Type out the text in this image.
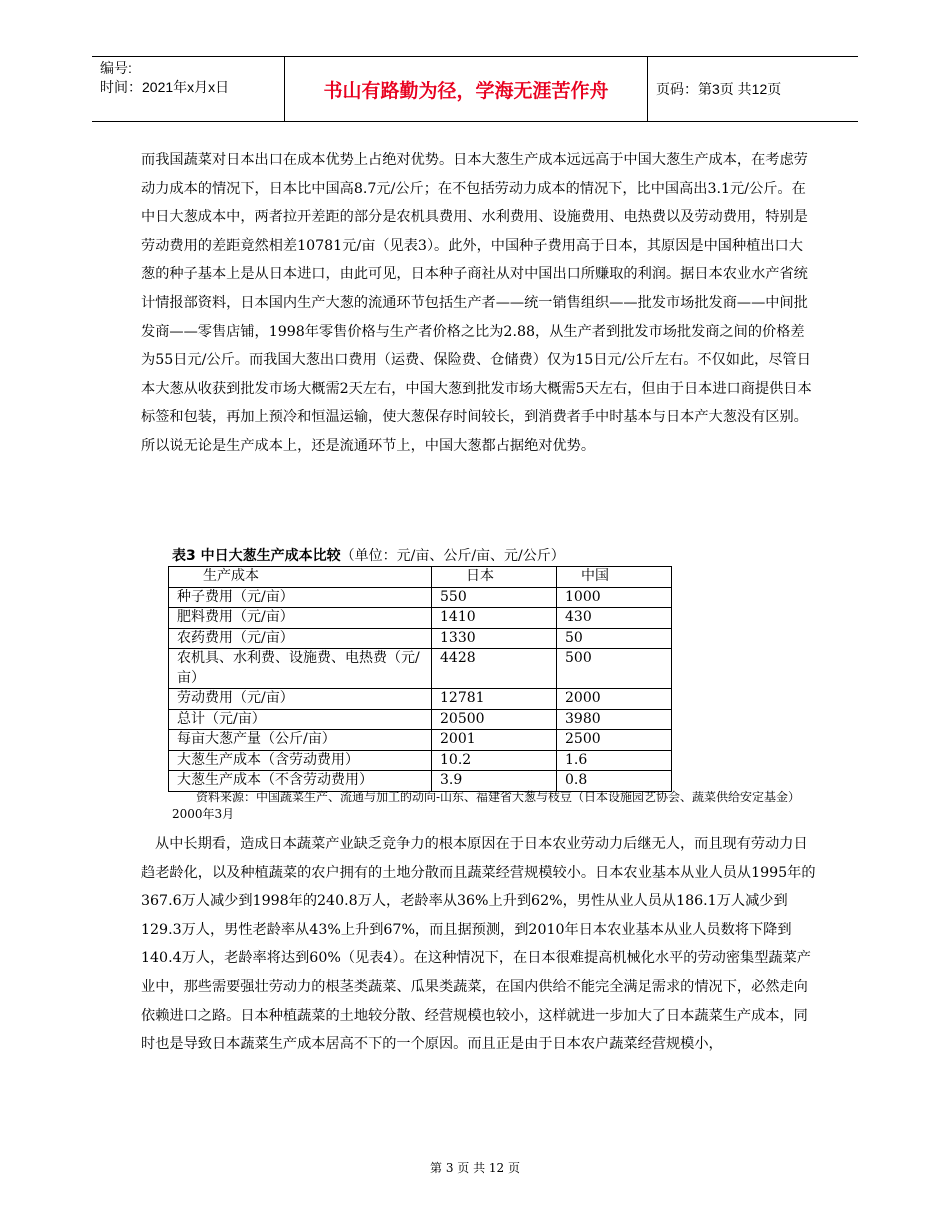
编号:
时间：2021年x月x日	书山有路勤为径，学海无涯苦作舟	页码：第3页 共12页

而我国蔬菜对日本出口在成本优势上占绝对优势。日本大葱生产成本远远高于中国大葱生产成本，在考虑劳动力成本的情况下，日本比中国高8.7元/公斤；在不包括劳动力成本的情况下，比中国高出3.1元/公斤。在中日大葱成本中，两者拉开差距的部分是农机具费用、水利费用、设施费用、电热费以及劳动费用，特别是劳动费用的差距竟然相差10781元/亩（见表3）。此外，中国种子费用高于日本，其原因是中国种植出口大葱的种子基本上是从日本进口，由此可见，日本种子商社从对中国出口所赚取的利润。据日本农业水产省统计情报部资料，日本国内生产大葱的流通环节包括生产者——统一销售组织——批发市场批发商——中间批发商——零售店铺，1998年零售价格与生产者价格之比为2.88，从生产者到批发市场批发商之间的价格差为55日元/公斤。而我国大葱出口费用（运费、保险费、仓储费）仅为15日元/公斤左右。不仅如此，尽管日本大葱从收获到批发市场大概需2天左右，中国大葱到批发市场大概需5天左右，但由于日本进口商提供日本标签和包装，再加上预冷和恒温运输，使大葱保存时间较长，到消费者手中时基本与日本产大葱没有区别。所以说无论是生产成本上，还是流通环节上，中国大葱都占据绝对优势。

表3 中日大葱生产成本比较（单位：元/亩、公斤/亩、元/公斤）
生产成本	日本	中国
种子费用（元/亩）	550	1000
肥料费用（元/亩）	1410	430
农药费用（元/亩）	1330	50
农机具、水利费、设施费、电热费（元/亩）	4428	500
劳动费用（元/亩）	12781	2000
总计（元/亩）	20500	3980
每亩大葱产量（公斤/亩）	2001	2500
大葱生产成本（含劳动费用）	10.2	1.6
大葱生产成本（不含劳动费用）	3.9	0.8
资料来源：中国蔬菜生产、流通与加工的动向-山东、福建省大葱与枝豆（日本设施园艺协会、蔬菜供给安定基金）2000年3月

从中长期看，造成日本蔬菜产业缺乏竞争力的根本原因在于日本农业劳动力后继无人，而且现有劳动力日趋老龄化，以及种植蔬菜的农户拥有的土地分散而且蔬菜经营规模较小。日本农业基本从业人员从1995年的367.6万人减少到1998年的240.8万人，老龄率从36%上升到62%，男性从业人员从186.1万人减少到129.3万人，男性老龄率从43%上升到67%，而且据预测，到2010年日本农业基本从业人员数将下降到140.4万人，老龄率将达到60%（见表4）。在这种情况下，在日本很难提高机械化水平的劳动密集型蔬菜产业中，那些需要强壮劳动力的根茎类蔬菜、瓜果类蔬菜，在国内供给不能完全满足需求的情况下，必然走向依赖进口之路。日本种植蔬菜的土地较分散、经营规模也较小，这样就进一步加大了日本蔬菜生产成本，同时也是导致日本蔬菜生产成本居高不下的一个原因。而且正是由于日本农户蔬菜经营规模小，

第 3 页 共 12 页
